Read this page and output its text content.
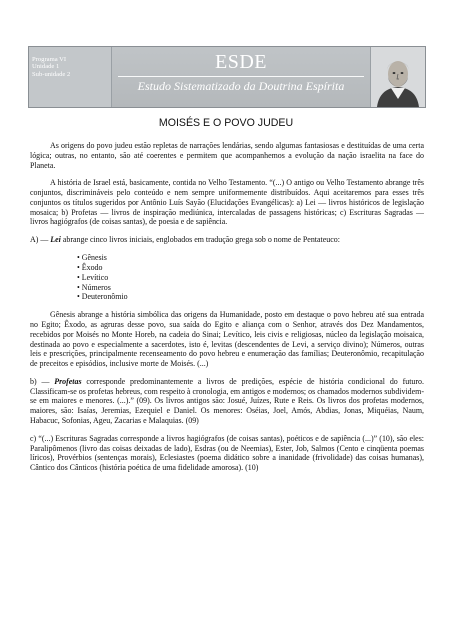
Programa VI
Unidade 1
Sub-unidade 2
ESDE
Estudo Sistematizado da Doutrina Espírita
MOISÉS E O POVO JUDEU

As origens do povo judeu estão repletas de narrações lendárias, sendo algumas fantasiosas e destituídas de uma certa lógica; outras, no entanto, são até coerentes e permitem que acompanhemos a evolução da nação israelita na face do Planeta.

A história de Israel está, basicamente, contida no Velho Testamento. “(...) O antigo ou Velho Testamento abrange três conjuntos, discrimináveis pelo conteúdo e nem sempre uniformemente distribuídos. Aqui aceitaremos para esses três conjuntos os títulos sugeridos por Antônio Luís Sayão (Elucidações Evangélicas): a) Lei — livros históricos de legislação mosaica; b) Profetas — livros de inspiração mediúnica, intercaladas de passagens históricas; c) Escrituras Sagradas — livros hagiógrafos (de coisas santas), de poesia e de sapiência.

A) — Lei abrange cinco livros iniciais, englobados em tradução grega sob o nome de Pentateuco:

• Gênesis
• Êxodo
• Levítico
• Números
• Deuteronômio

Gênesis abrange a história simbólica das origens da Humanidade, posto em destaque o povo hebreu até sua entrada no Egito; Êxodo, as agruras desse povo, sua saída do Egito e aliança com o Senhor, através dos Dez Mandamentos, recebidos por Moisés no Monte Horeb, na cadeia do Sinai; Levítico, leis civis e religiosas, núcleo da legislação moisaica, destinada ao povo e especialmente a sacerdotes, isto é, levitas (descendentes de Levi, a serviço divino); Números, outras leis e prescrições, principalmente recenseamento do povo hebreu e enumeração das famílias; Deuteronômio, recapitulação de preceitos e episódios, inclusive morte de Moisés. (...)

b) — Profetas corresponde predominantemente a livros de predições, espécie de história condicional do futuro. Classificam-se os profetas hebreus, com respeito à cronologia, em antigos e modernos; os chamados modernos subdividem-se em maiores e menores. (...).” (09). Os livros antigos são: Josué, Juízes, Rute e Reis. Os livros dos profetas modernos, maiores, são: Isaías, Jeremias, Ezequiel e Daniel. Os menores: Oséias, Joel, Amós, Abdias, Jonas, Miquéias, Naum, Habacuc, Sofonias, Ageu, Zacarias e Malaquias. (09)

c) “(...) Escrituras Sagradas corresponde a livros hagiógrafos (de coisas santas), poéticos e de sapiência (...)” (10), são eles: Paralipômenos (livro das coisas deixadas de lado), Esdras (ou de Neemias), Ester, Job, Salmos (Cento e cinqüenta poemas líricos), Provérbios (sentenças morais), Eclesiastes (poema didático sobre a inanidade (frivolidade) das coisas humanas), Cântico dos Cânticos (história poética de uma fidelidade amorosa). (10)
